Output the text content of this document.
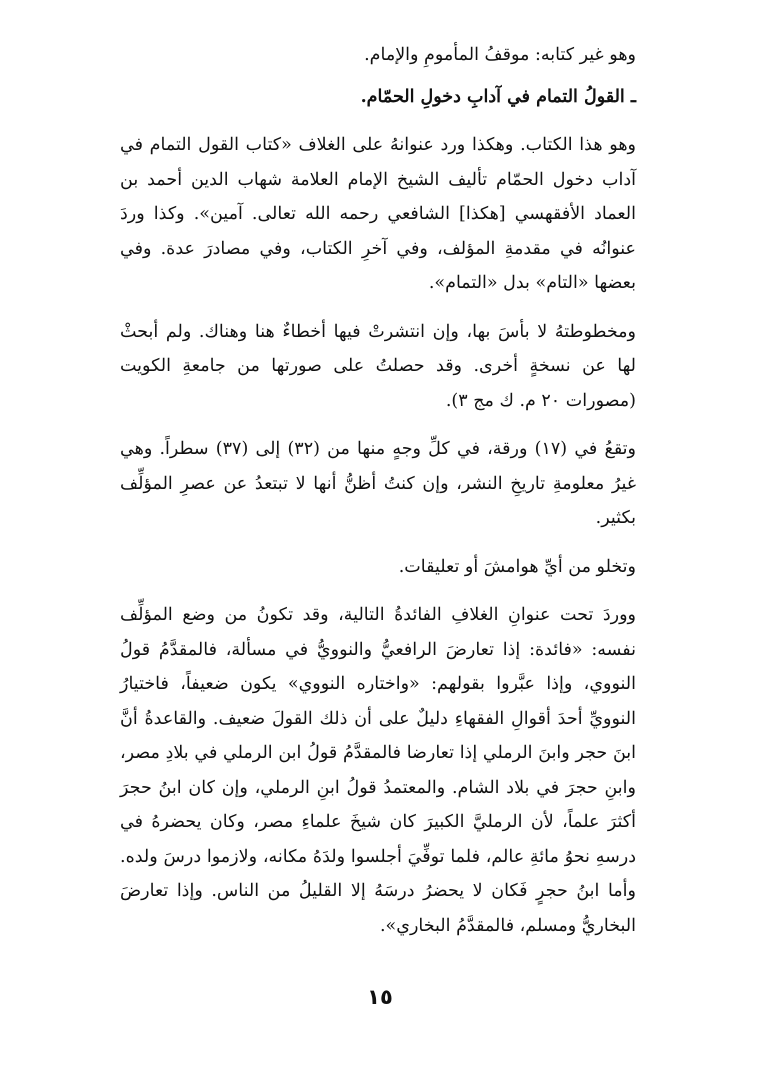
وهو غير كتابه: موقفُ المأمومِ والإمام.

ـ القولُ التمام في آدابِ دخولِ الحمّام.

وهو هذا الكتاب. وهكذا ورد عنوانهُ على الغلاف «كتاب القول التمام في آداب دخول الحمّام تأليف الشيخ الإمام العلامة شهاب الدين أحمد بن العماد الأفقهسي [هكذا] الشافعي رحمه الله تعالى. آمين». وكذا وردَ عنوانُه في مقدمةِ المؤلف، وفي آخرِ الكتاب، وفي مصادرَ عدة. وفي بعضها «التام» بدل «التمام».

ومخطوطتهُ لا بأسَ بها، وإن انتشرتْ فيها أخطاءٌ هنا وهناك. ولم أبحثْ لها عن نسخةٍ أخرى. وقد حصلتُ على صورتها من جامعةِ الكويت (مصورات ٢٠ م. ك مج ٣).

وتقعُ في (١٧) ورقة، في كلِّ وجهٍ منها من (٣٢) إلى (٣٧) سطراً. وهي غيرُ معلومةِ تاريخِ النشر، وإن كنتُ أظنُّ أنها لا تبتعدُ عن عصرِ المؤلِّف بكثير.

وتخلو من أيِّ هوامشَ أو تعليقات.

ووردَ تحت عنوانِ الغلافِ الفائدةُ التالية، وقد تكونُ من وضع المؤلِّف نفسه: «فائدة: إذا تعارضَ الرافعيُّ والنوويُّ في مسألة، فالمقدَّمُ قولُ النووي، وإذا عبَّروا بقولهم: «واختاره النووي» يكون ضعيفاً، فاختيارُ النوويِّ أحدَ أقوالِ الفقهاءِ دليلٌ على أن ذلك القولَ ضعيف. والقاعدةُ أنَّ ابنَ حجر وابنَ الرملي إذا تعارضا فالمقدَّمُ قولُ ابن الرملي في بلادِ مصر، وابنِ حجرَ في بلاد الشام. والمعتمدُ قولُ ابنِ الرملي، وإن كان ابنُ حجرَ أكثرَ علماً، لأن الرمليَّ الكبيرَ كان شيخَ علماءِ مصر، وكان يحضرهُ في درسهِ نحوُ مائةِ عالم، فلما توفِّيَ أجلسوا ولدَهُ مكانه، ولازموا درسَ ولده. وأما ابنُ حجرٍ فَكان لا يحضرُ درسَهُ إلا القليلُ من الناس. وإذا تعارضَ البخاريُّ ومسلم، فالمقدَّمُ البخاري».

١٥
